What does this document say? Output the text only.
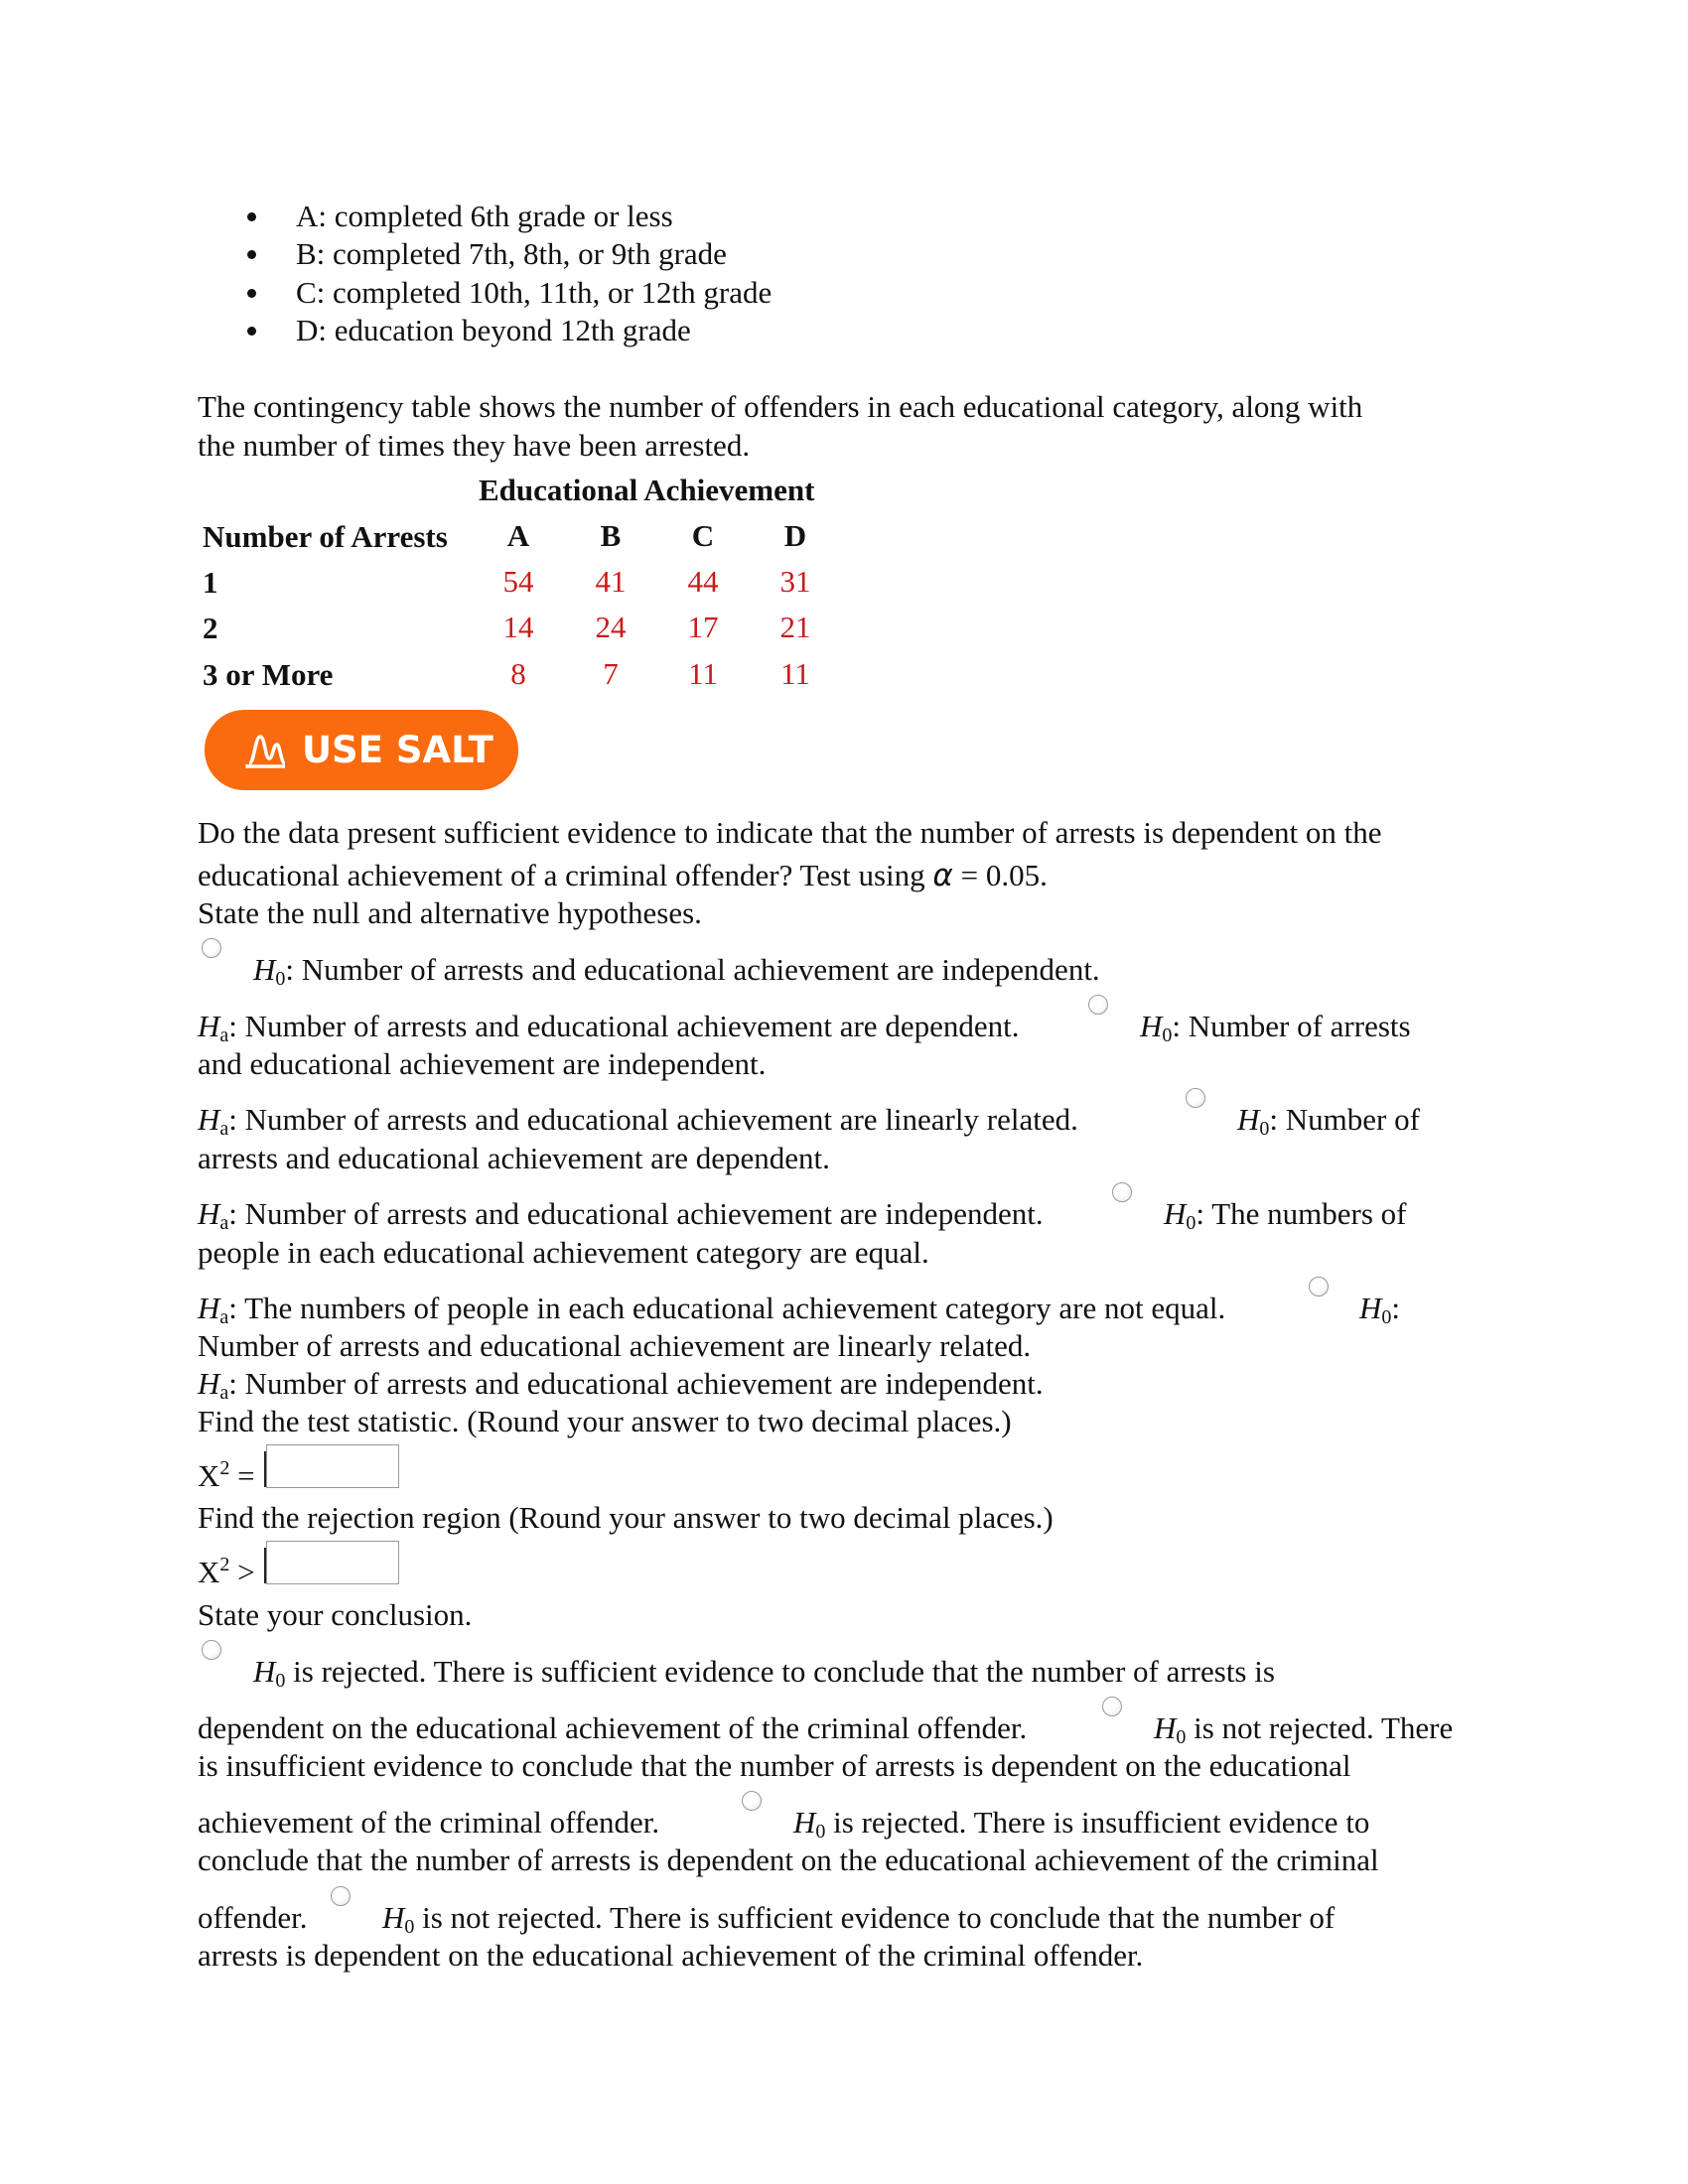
A: completed 6th grade or less
B: completed 7th, 8th, or 9th grade
C: completed 10th, 11th, or 12th grade
D: education beyond 12th grade
The contingency table shows the number of offenders in each educational category, along with
the number of times they have been arrested.
Educational Achievement
Number of Arrests	A	B	C	D
1	54	41	44	31
2	14	24	17	21
3 or More	8	7	11	11
USE SALT
Do the data present sufficient evidence to indicate that the number of arrests is dependent on the
educational achievement of a criminal offender? Test using α = 0.05.
State the null and alternative hypotheses.
$H_0$: Number of arrests and educational achievement are independent.
$H_a$: Number of arrests and educational achievement are dependent.	$H_0$: Number of arrests
and educational achievement are independent.
$H_a$: Number of arrests and educational achievement are linearly related.	$H_0$: Number of
arrests and educational achievement are dependent.
$H_a$: Number of arrests and educational achievement are independent.	$H_0$: The numbers of
people in each educational achievement category are equal.
$H_a$: The numbers of people in each educational achievement category are not equal.	$H_0$:
Number of arrests and educational achievement are linearly related.
$H_a$: Number of arrests and educational achievement are independent.
Find the test statistic. (Round your answer to two decimal places.)
$X^2$ =
Find the rejection region (Round your answer to two decimal places.)
$X^2$ >
State your conclusion.
$H_0$ is rejected. There is sufficient evidence to conclude that the number of arrests is
dependent on the educational achievement of the criminal offender.	$H_0$ is not rejected. There
is insufficient evidence to conclude that the number of arrests is dependent on the educational
achievement of the criminal offender.	$H_0$ is rejected. There is insufficient evidence to
conclude that the number of arrests is dependent on the educational achievement of the criminal
offender. $H_0$ is not rejected. There is sufficient evidence to conclude that the number of
arrests is dependent on the educational achievement of the criminal offender.
